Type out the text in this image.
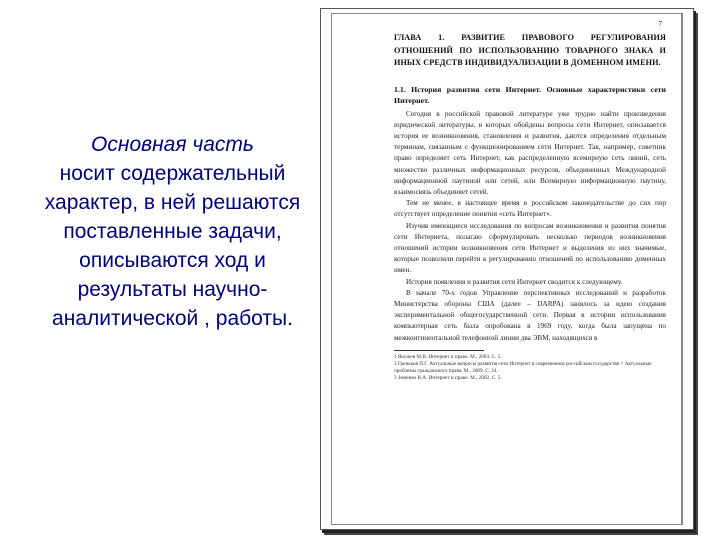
Основная часть
носит содержательный характер, в ней решаются поставленные задачи, описываются ход и результаты научно-аналитической , работы.
7

ГЛАВА 1. РАЗВИТИЕ ПРАВОВОГО РЕГУЛИРОВАНИЯ ОТНОШЕНИЙ ПО ИСПОЛЬЗОВАНИЮ ТОВАРНОГО ЗНАКА И ИНЫХ СРЕДСТВ ИНДИВИДУАЛИЗАЦИИ В ДОМЕННОМ ИМЕНИ.

1.1. История развития сети Интернет. Основные характеристики сети Интернет.

Сегодня в российской правовой литературе уже трудно найти произведения юридической литературы, в которых обойдены вопросы сети Интернет, описывается история ее возникновения, становления и развития, даются определения отдельным терминам, связанным с функционированием сети Интернет. Так, например, советник право определяет сеть Интернет, как распределенную всемирную сеть линий, сеть множество различных информационных ресурсов, объединенных Международной информационной паутиной или сетей, или Всемирную информационную паутину, взаимосвязь объединяет сетей.

Тем не менее, в настоящее время в российском законодательстве до сих пор отсутствует определение понятия «сеть Интернет».

Изучив имеющиеся исследования по вопросам возникновения и развития понятия сети Интернета, полагаю сформулировать несколько периодов возникновения отношений истории возникновения сети Интернет и выделения из них значимые, которые позволили перейти к регулированию отношений по использованию доменных имен.

История появления и развития сети Интернет сводится к следующему.

В начале 70-х годов Управление перспективных исследований и разработок Министерства обороны США (далее – DARPA) занялось за идею создания экспериментальной общегосударственной сети. Первая в истории использования компьютерная сеть была опробована в 1969 году, когда была запущена по межконтинентальной телефонной линии два ЭВМ, находящихся в

1 Якушев М.В. Интернет и право. М., 2003. С. 5.

2 Греньков П.Г. Актуальные вопросы развития сети Интернет в современном российском государстве // Актуальные проблемы гражданского права. М., 2009. С. 24.

3 Зоменко В.А. Интернет и право. М., 2002. С. 5.
